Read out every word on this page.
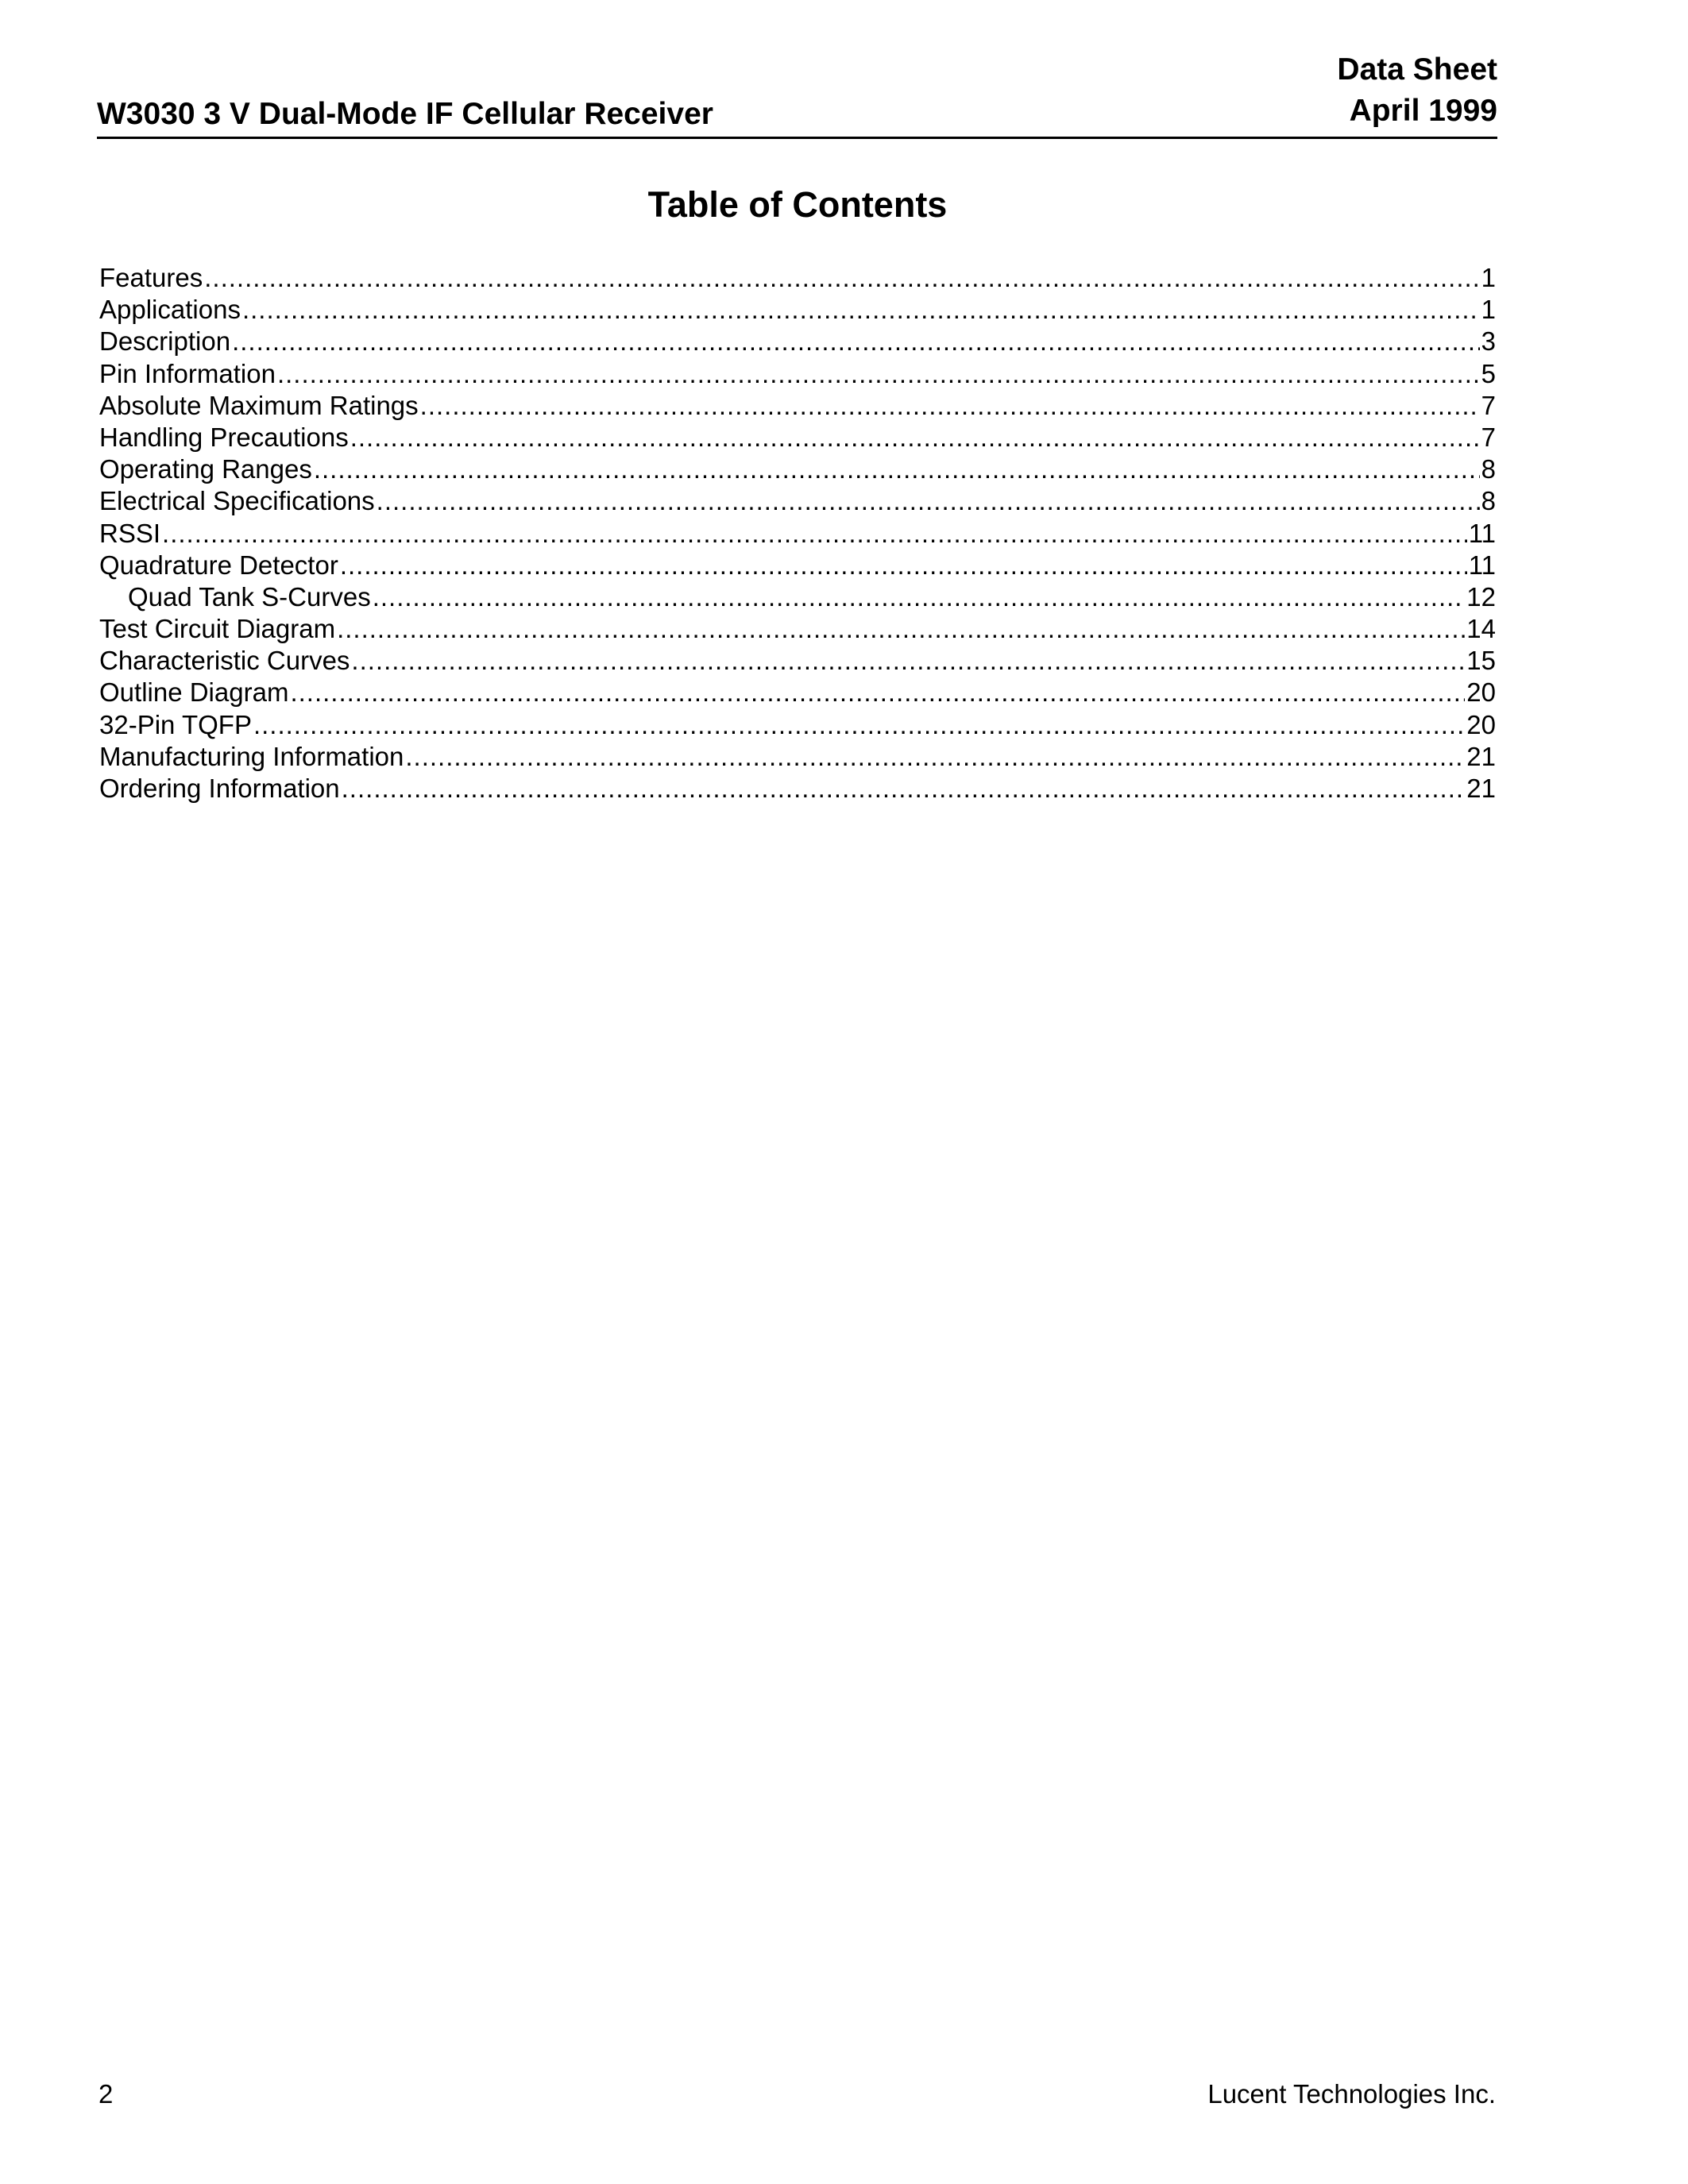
W3030 3 V Dual-Mode IF Cellular Receiver
Data Sheet
April 1999
Table of Contents
Features .....	1
Applications .....	1
Description .....	3
Pin Information .....	5
Absolute Maximum Ratings .....	7
Handling Precautions .....	7
Operating Ranges .....	8
Electrical Specifications .....	8
RSSI .....	11
Quadrature Detector .....	11
Quad Tank S-Curves .....	12
Test Circuit Diagram .....	14
Characteristic Curves .....	15
Outline Diagram .....	20
32-Pin TQFP .....	20
Manufacturing Information .....	21
Ordering Information .....	21
2	Lucent Technologies Inc.
